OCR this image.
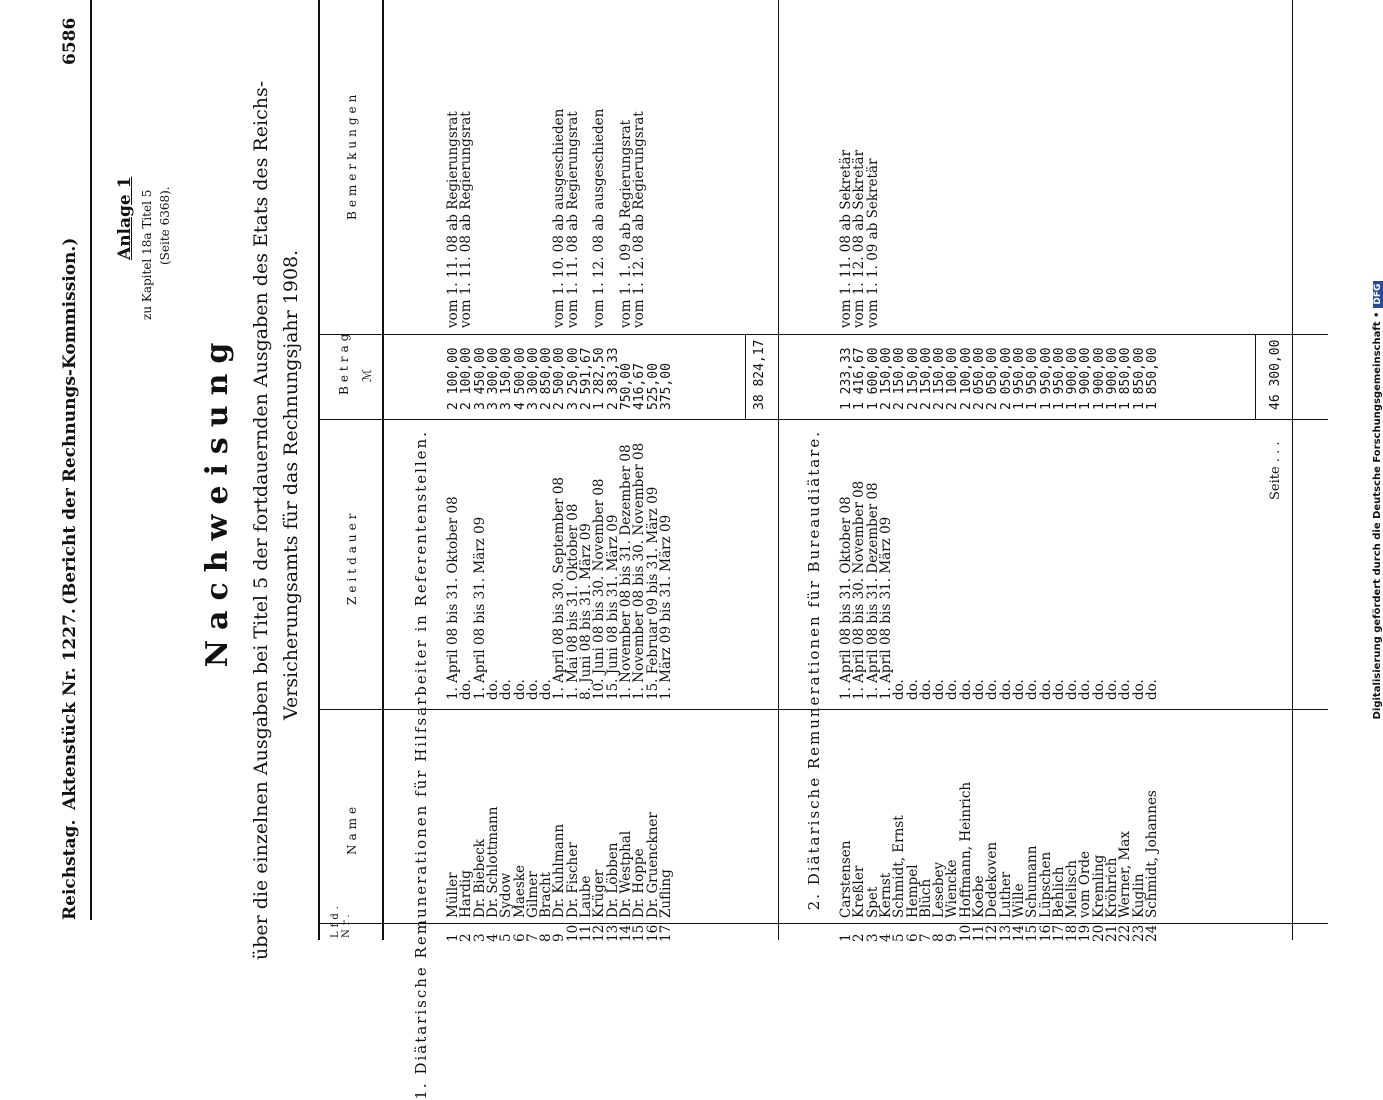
Reichstag.
Aktenstück Nr. 1227.
(Bericht der Rechnungs-Kommission.)
6586
Anlage 1 zu Kapitel 18a Titel 5 (Seite 6368).
Nachweisung über die einzelnen Ausgaben bei Titel 5 der fortdauernden Ausgaben des Etats des Reichs- Versicherungsamts für das Rechnungsjahr 1908.
Lfd. Nr.
Name
Zeitdauer
Betrag ℳ
Bemerkungen
1. Diätarische Remunerationen für Hilfsarbeiter in Referentenstellen. 1
Müller
1. April 08 bis 31. Oktober 08
2 100,00
vom 1. 11. 08 ab Regierungsrat
2
Hardig
do.
2 100,00
vom 1. 11. 08 ab Regierungsrat
3
Dr. Biebeck
1. April 08 bis 31. März 09
3 450,00
4
Dr. Schlottmann
do.
3 300,00
5
Sydow
do.
3 150,00
6
Maeske
do.
4 500,00
7
Gilmer
do.
3 300,00
8
Bracht
do.
2 850,00
9
Dr. Kuhlmann
1. April 08 bis 30. September 08
2 500,00
vom 1. 10. 08 ab ausgeschieden
10
Dr. Fischer
1. Mai 08 bis 31. Oktober 08
3 250,00
vom 1. 11. 08 ab Regierungsrat
11
Laube
8. Juni 08 bis 31. März 09
2 591,67
12
Krüger
10. Juni 08 bis 30. November 08
1 282,50
vom 1. 12. 08 ab ausgeschieden
13
Dr. Löbben
15. Juni 08 bis 31. März 09
2 383,33
14
Dr. Westphal
1. November 08 bis 31. Dezember 08
750,00
vom 1. 1. 09 ab Regierungsrat
15
Dr. Hoppe
1. November 08 bis 30. November 08
416,67
vom 1. 12. 08 ab Regierungsrat
16
Dr. Gruenckner
15. Februar 09 bis 31. März 09
525,00
17
Zufling
1. März 09 bis 31. März 09
375,00	38 824,17
2. Diätarische Remunerationen für Bureaudiätare.
1
Carstensen
1. April 08 bis 31. Oktober 08
1 233,33
vom 1. 11. 08 ab Sekretär
2
Kreßler
1. April 08 bis 30. November 08
1 416,67
vom 1. 12. 08 ab Sekretär
3
Spet
1. April 08 bis 31. Dezember 08
1 600,00
vom 1. 1. 09 ab Sekretär
4
Kernst
1. April 08 bis 31. März 09
2 150,00
5
Schmidt, Ernst
do.
2 150,00
6
Hempel
do.
2 150,00
7
Blüch
do.
2 150,00
8
Lesebey
do.
2 150,00
9
Wiencke
do.
2 100,00
10
Hoffmann, Heinrich
do.
2 100,00
11
Koebe
do.
2 050,00
12
Dedekoven
do.
2 050,00
13
Luther
do.
2 050,00
14
Wille
do.
1 950,00
15
Schumann
do.
1 950,00
16
Lüpschen
do.
1 950,00
17
Behlich
do.
1 950,00
18
Mielisch
do.
1 900,00
19
vom Orde
do.
1 900,00
20
Kremling
do.
1 900,00
21
Kröhrich
do.
1 900,00
22
Werner, Max
do.
1 850,00
23
Kuglin
do.
1 850,00
24
Schmidt, Johannes
do.
1 850,00
Seite . . .
46 300,00	Digitalisierung gefördert durch die Deutsche Forschungsgemeinschaft •DFG
